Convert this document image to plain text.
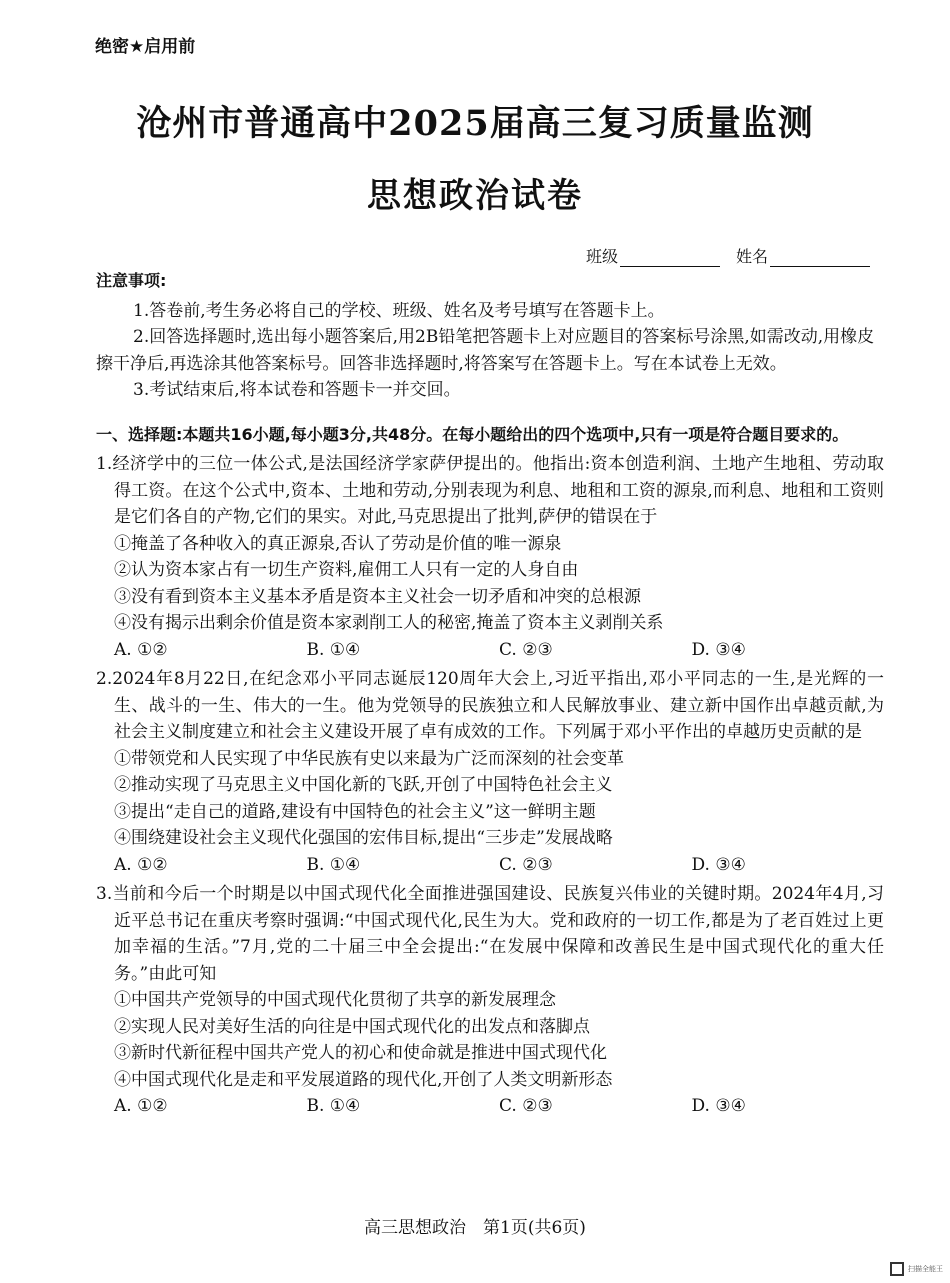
绝密★启用前
沧州市普通高中2025届高三复习质量监测
思想政治试卷
班级	姓名
注意事项:

1.答卷前,考生务必将自己的学校、班级、姓名及考号填写在答题卡上。

2.回答选择题时,选出每小题答案后,用2B铅笔把答题卡上对应题目的答案标号涂黑,如需改动,用橡皮擦干净后,再选涂其他答案标号。回答非选择题时,将答案写在答题卡上。写在本试卷上无效。

3.考试结束后,将本试卷和答题卡一并交回。

一、选择题:本题共16小题,每小题3分,共48分。在每小题给出的四个选项中,只有一项是符合题目要求的。
1.经济学中的三位一体公式,是法国经济学家萨伊提出的。他指出:资本创造利润、土地产生地租、劳动取得工资。在这个公式中,资本、土地和劳动,分别表现为利息、地租和工资的源泉,而利息、地租和工资则是它们各自的产物,它们的果实。对此,马克思提出了批判,萨伊的错误在于

①掩盖了各种收入的真正源泉,否认了劳动是价值的唯一源泉

②认为资本家占有一切生产资料,雇佣工人只有一定的人身自由

③没有看到资本主义基本矛盾是资本主义社会一切矛盾和冲突的总根源

④没有揭示出剩余价值是资本家剥削工人的秘密,掩盖了资本主义剥削关系

A. ①②	B. ①④	C. ②③	D. ③④
2.2024年8月22日,在纪念邓小平同志诞辰120周年大会上,习近平指出,邓小平同志的一生,是光辉的一生、战斗的一生、伟大的一生。他为党领导的民族独立和人民解放事业、建立新中国作出卓越贡献,为社会主义制度建立和社会主义建设开展了卓有成效的工作。下列属于邓小平作出的卓越历史贡献的是

①带领党和人民实现了中华民族有史以来最为广泛而深刻的社会变革

②推动实现了马克思主义中国化新的飞跃,开创了中国特色社会主义

③提出“走自己的道路,建设有中国特色的社会主义”这一鲜明主题

④围绕建设社会主义现代化强国的宏伟目标,提出“三步走”发展战略

A. ①②	B. ①④	C. ②③	D. ③④
3.当前和今后一个时期是以中国式现代化全面推进强国建设、民族复兴伟业的关键时期。2024年4月,习近平总书记在重庆考察时强调:“中国式现代化,民生为大。党和政府的一切工作,都是为了老百姓过上更加幸福的生活。”7月,党的二十届三中全会提出:“在发展中保障和改善民生是中国式现代化的重大任务。”由此可知

①中国共产党领导的中国式现代化贯彻了共享的新发展理念

②实现人民对美好生活的向往是中国式现代化的出发点和落脚点

③新时代新征程中国共产党人的初心和使命就是推进中国式现代化

④中国式现代化是走和平发展道路的现代化,开创了人类文明新形态

A. ①②	B. ①④	C. ②③	D. ③④
高三思想政治　第1页(共6页)
扫描全能王
